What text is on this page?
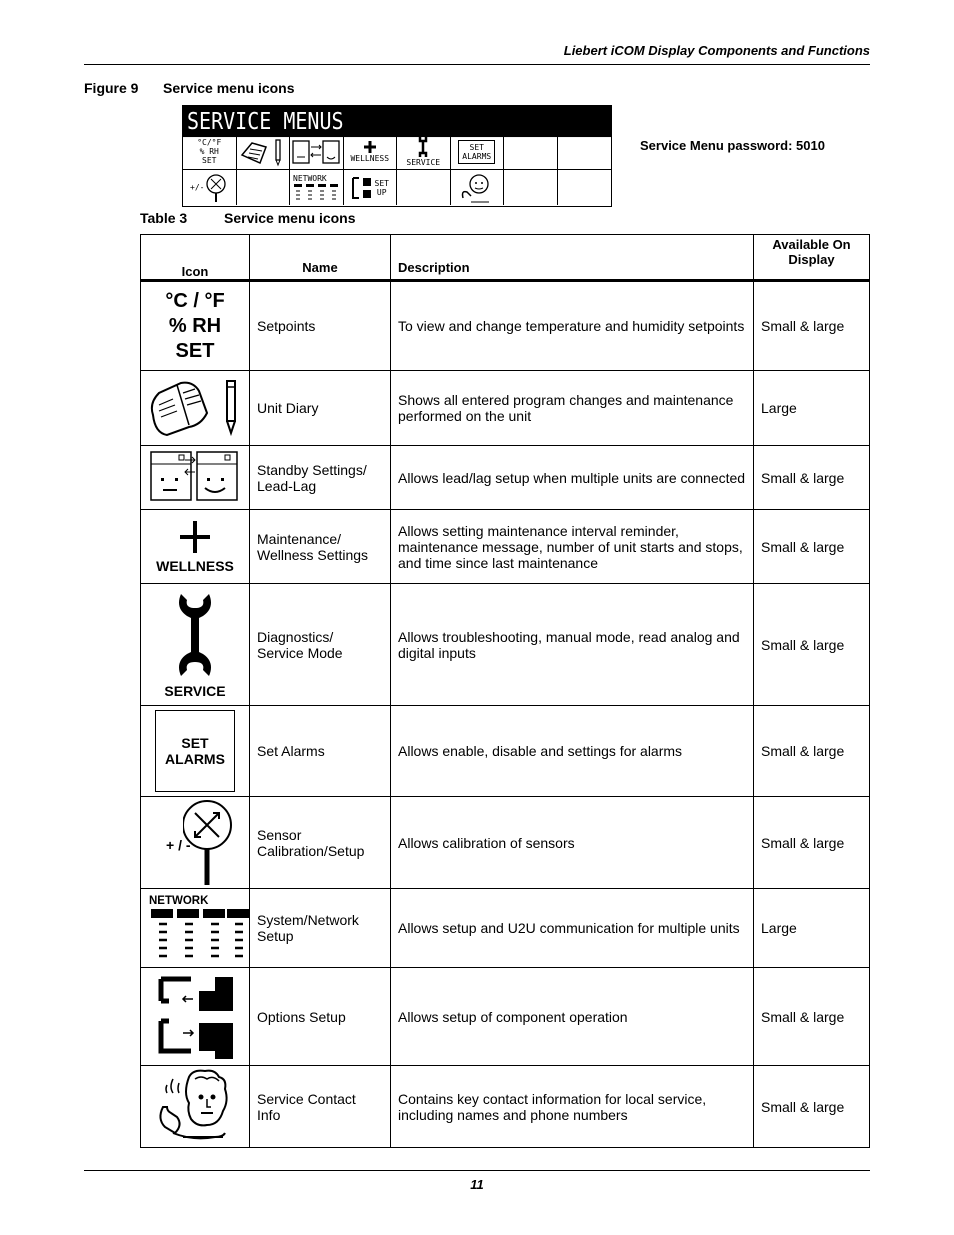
Liebert iCOM Display Components and Functions
Figure 9 Service menu icons
SERVICE MENUS
°C/°F
% RH
SET	WELLNESS SERVICE
SET
ALARMS
+/-
NETWORK	SET
UP
Service Menu password: 5010
Table 3	Service menu icons
Icon	Name	Description	Available On Display

°C / °F
% RH
SET	Setpoints	To view and change temperature and humidity setpoints	Small & large
	Unit Diary	Shows all entered program changes and maintenance performed on the unit	Large
	Standby Settings/ Lead-Lag	Allows lead/lag setup when multiple units are connected	Small & large

WELLNESS	Maintenance/ Wellness Settings	Allows setting maintenance interval reminder, maintenance message, number of unit starts and stops, and time since last maintenance	Small & large

SERVICE	Diagnostics/ Service Mode	Allows troubleshooting, manual mode, read analog and digital inputs	Small & large

SET
ALARMS	Set Alarms	Allows enable, disable and settings for alarms	Small & large

+ / -	Sensor Calibration/Setup	Allows calibration of sensors	Small & large

NETWORK	System/Network Setup	Allows setup and U2U communication for multiple units	Large
	Options Setup	Allows setup of component operation	Small & large
	Service Contact Info	Contains key contact information for local service, including names and phone numbers	Small & large
11
